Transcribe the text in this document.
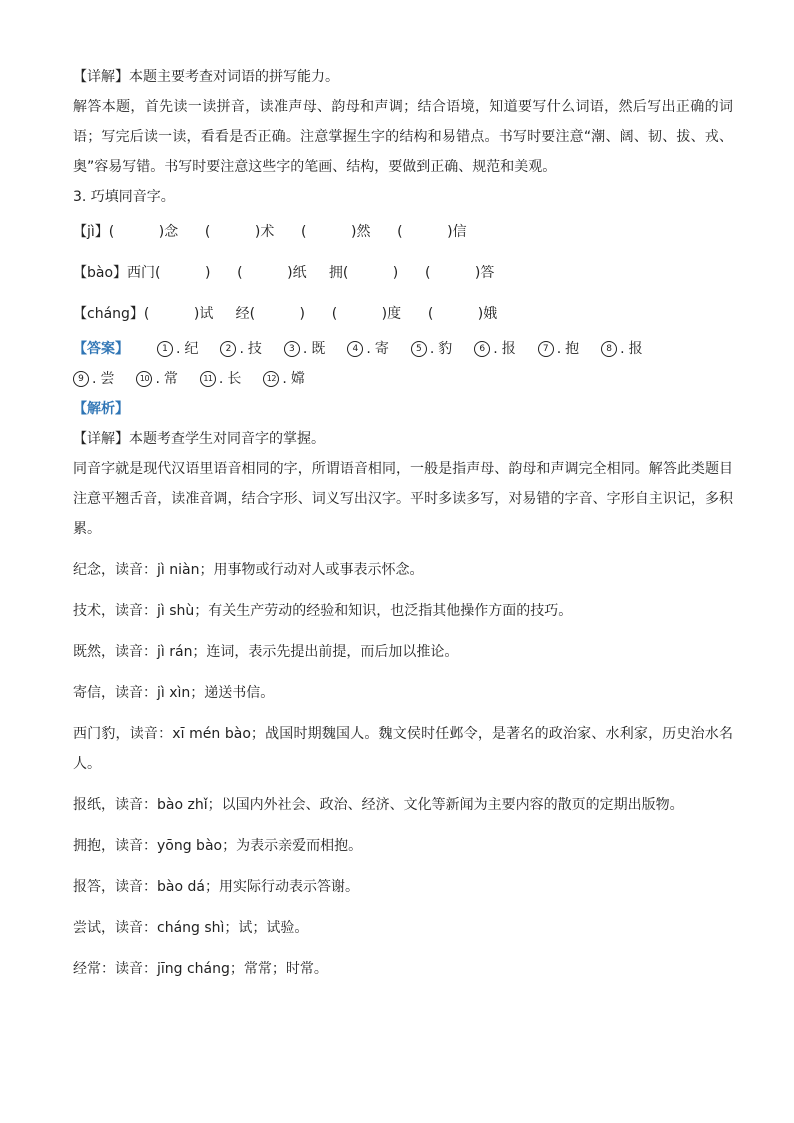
【详解】本题主要考查对词语的拼写能力。

解答本题，首先读一读拼音，读准声母、韵母和声调；结合语境，知道要写什么词语，然后写出正确的词语；写完后读一读，看看是否正确。注意掌握生字的结构和易错点。书写时要注意“潮、阔、韧、拔、戎、奥”容易写错。书写时要注意这些字的笔画、结构，要做到正确、规范和美观。

3. 巧填同音字。

【jì】(          )念      (          )术      (          )然      (          )信

【bào】西门(          )      (          )纸     拥(          )      (          )答

【cháng】(          )试     经(          )      (          )度      (          )娥

【答案】	1 . 纪	2 . 技	3 . 既	4 . 寄	5 . 豹	6 . 报	7 . 抱	8 . 报
9 . 尝	10 . 常	11 . 长	12 . 嫦

【解析】

【详解】本题考查学生对同音字的掌握。

同音字就是现代汉语里语音相同的字，所谓语音相同，一般是指声母、韵母和声调完全相同。解答此类题目注意平翘舌音，读准音调，结合字形、词义写出汉字。平时多读多写，对易错的字音、字形自主识记，多积累。

纪念，读音：jì niàn；用事物或行动对人或事表示怀念。

技术，读音：jì shù；有关生产劳动的经验和知识，也泛指其他操作方面的技巧。

既然，读音：jì rán；连词，表示先提出前提，而后加以推论。

寄信，读音：jì xìn；递送书信。

西门豹，读音：xī mén bào；战国时期魏国人。魏文侯时任邺令，是著名的政治家、水利家，历史治水名人。

报纸，读音：bào zhǐ；以国内外社会、政治、经济、文化等新闻为主要内容的散页的定期出版物。

拥抱，读音：yōng bào；为表示亲爱而相抱。

报答，读音：bào dá；用实际行动表示答谢。

尝试，读音：cháng shì；试；试验。

经常：读音：jīng cháng；常常；时常。
